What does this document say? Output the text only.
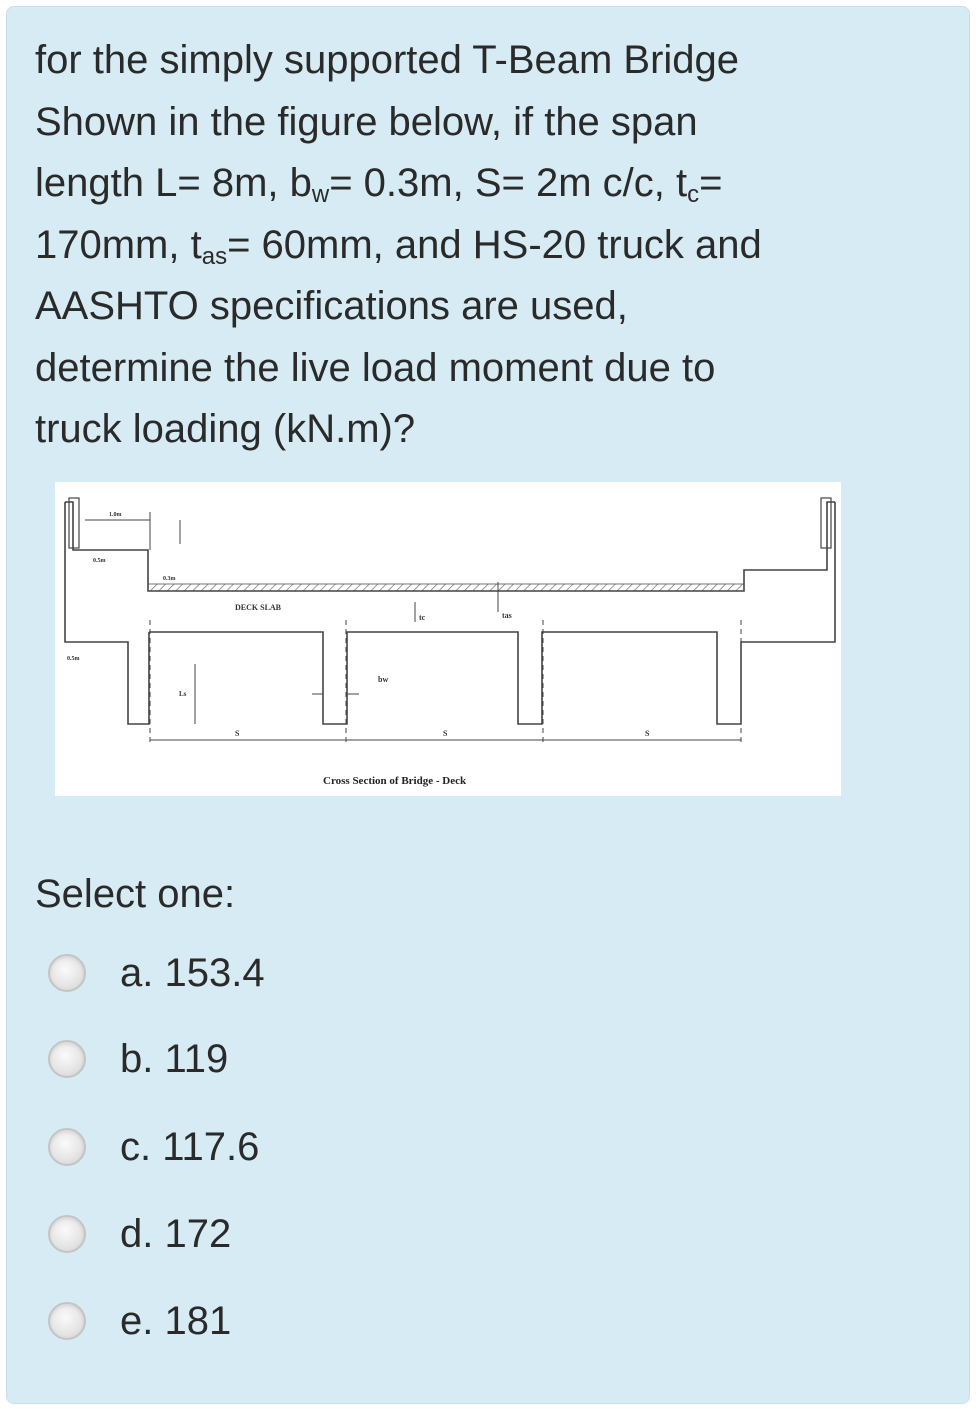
for the simply supported T-Beam Bridge
Shown in the figure below, if the span
length L= 8m, $b_w= 0.3m$, S= 2m c/c, $t_c=$
170mm, $t_{as}= 60mm$, and HS-20 truck and
AASHTO specifications are used,
determine the live load moment due to
truck loading (kN.m)?
DECK SLAB
tc	tas
bw
S	S	S
Ls
1.0m
0.5m
0.3m
0.5m
Cross Section of Bridge - Deck
Select one:
a. 153.4
b. 119
c. 117.6
d. 172
e. 181
